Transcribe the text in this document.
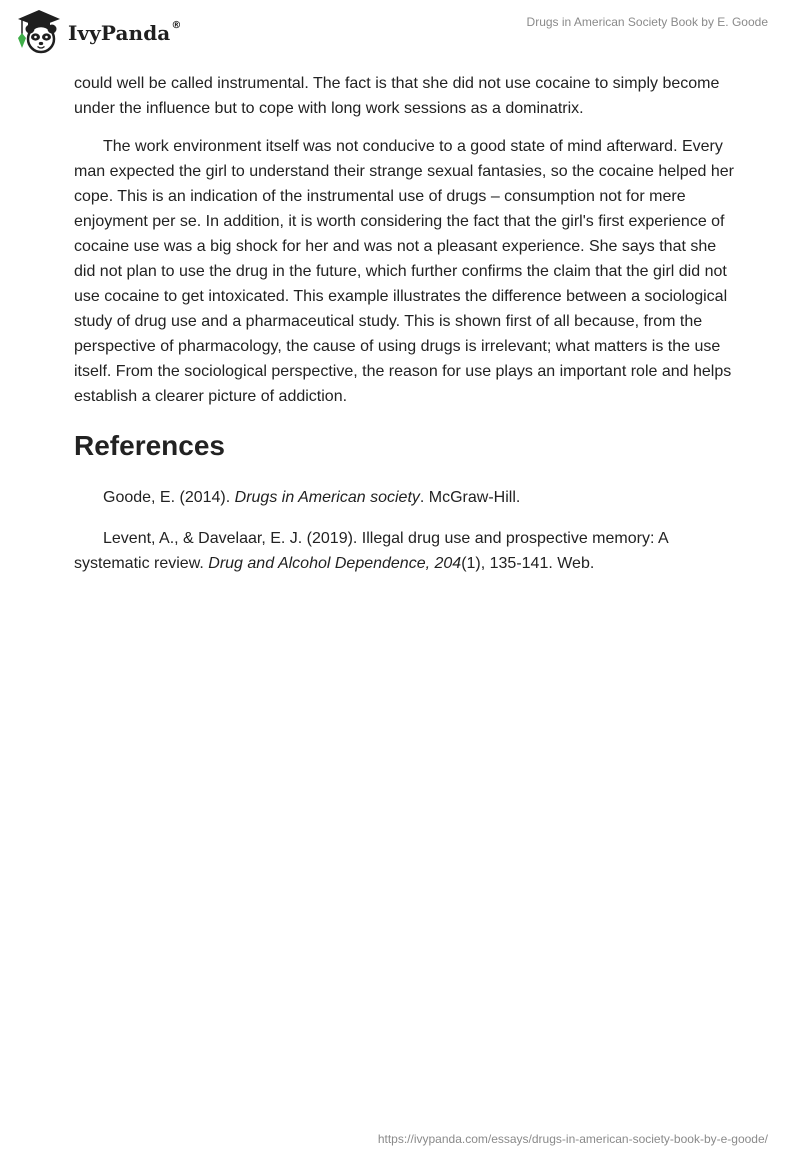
IvyPanda ®	Drugs in American Society Book by E. Goode

could well be called instrumental. The fact is that she did not use cocaine to simply become under the influence but to cope with long work sessions as a dominatrix.

The work environment itself was not conducive to a good state of mind afterward. Every man expected the girl to understand their strange sexual fantasies, so the cocaine helped her cope. This is an indication of the instrumental use of drugs – consumption not for mere enjoyment per se. In addition, it is worth considering the fact that the girl's first experience of cocaine use was a big shock for her and was not a pleasant experience. She says that she did not plan to use the drug in the future, which further confirms the claim that the girl did not use cocaine to get intoxicated. This example illustrates the difference between a sociological study of drug use and a pharmaceutical study. This is shown first of all because, from the perspective of pharmacology, the cause of using drugs is irrelevant; what matters is the use itself. From the sociological perspective, the reason for use plays an important role and helps establish a clearer picture of addiction.

References

Goode, E. (2014). Drugs in American society. McGraw-Hill.

Levent, A., & Davelaar, E. J. (2019). Illegal drug use and prospective memory: A systematic review. Drug and Alcohol Dependence, 204(1), 135-141. Web.

https://ivypanda.com/essays/drugs-in-american-society-book-by-e-goode/
